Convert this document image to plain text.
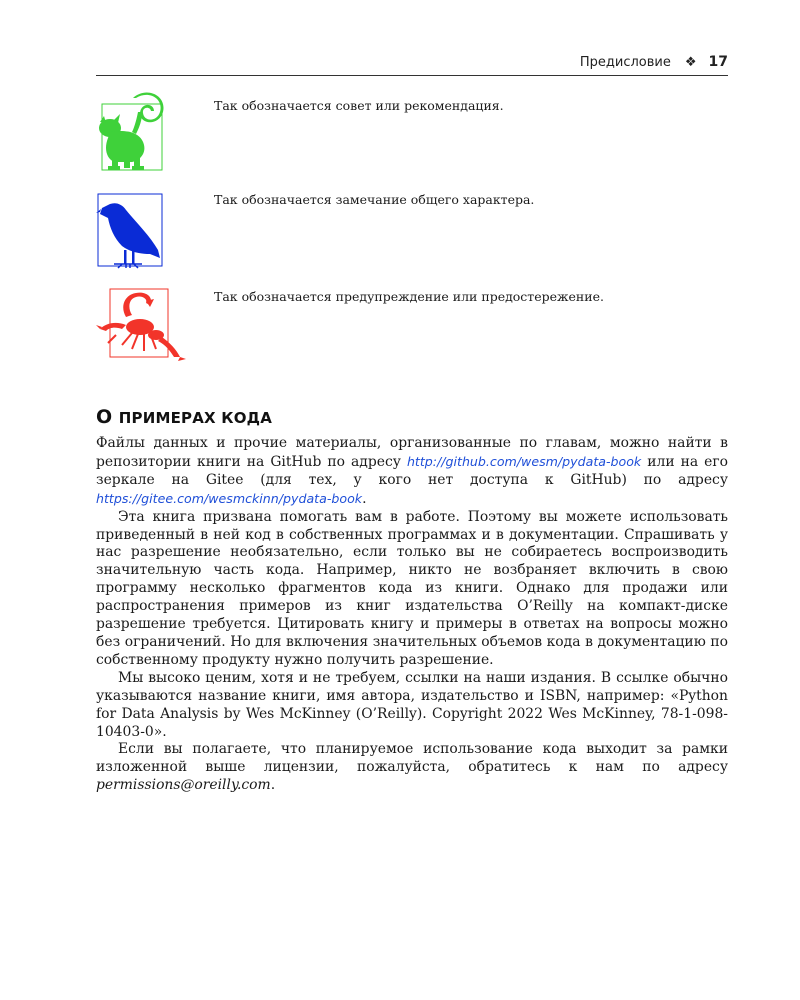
Предисловие ❖ 17
Так обозначается совет или рекомендация.
Так обозначается замечание общего характера.
Так обозначается предупреждение или предостережение.
О ПРИМЕРАХ КОДА

Файлы данных и прочие материалы, организованные по главам, можно найти в репозитории книги на GitHub по адресу http://github.com/wesm/pydata-book или на его зеркале на Gitee (для тех, у кого нет доступа к GitHub) по адресу https://gitee.com/wesmckinn/pydata-book.

Эта книга призвана помогать вам в работе. Поэтому вы можете использовать приведенный в ней код в собственных программах и в документации. Спрашивать у нас разрешение необязательно, если только вы не собираетесь воспроизводить значительную часть кода. Например, никто не возбраняет включить в свою программу несколько фрагментов кода из книги. Однако для продажи или распространения примеров из книг издательства O’Reilly на компакт-диске разрешение требуется. Цитировать книгу и примеры в ответах на вопросы можно без ограничений. Но для включения значительных объемов кода в документацию по собственному продукту нужно получить разрешение.

Мы высоко ценим, хотя и не требуем, ссылки на наши издания. В ссылке обычно указываются название книги, имя автора, издательство и ISBN, например: «Python for Data Analysis by Wes McKinney (O’Reilly). Copyright 2022 Wes McKinney, 78-1-098-10403-0».

Если вы полагаете, что планируемое использование кода выходит за рамки изложенной выше лицензии, пожалуйста, обратитесь к нам по адресу permissions@oreilly.com.
